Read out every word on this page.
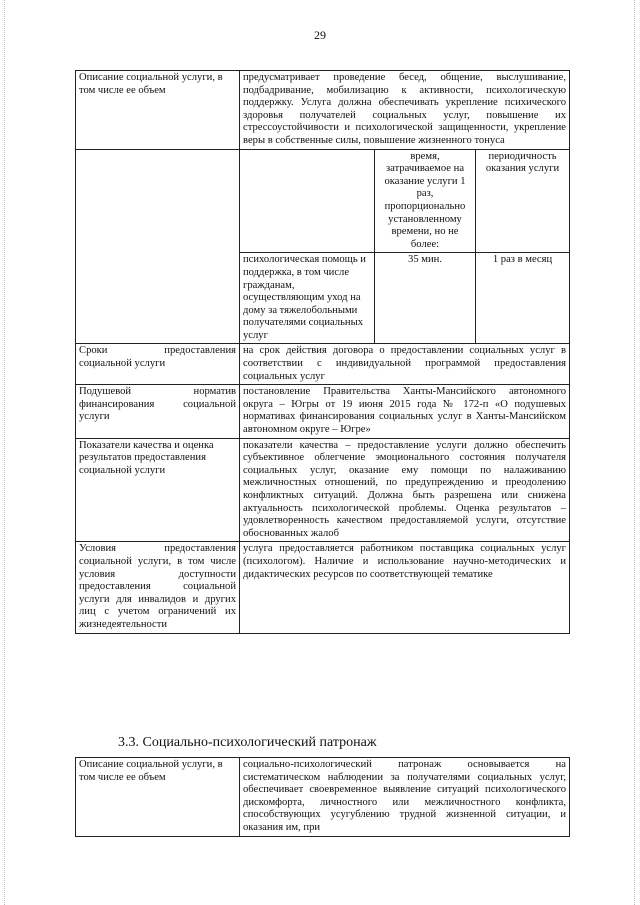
29
Описание социальной услуги, в том числе ее объем	предусматривает проведение бесед, общение, выслушивание, подбадривание, мобилизацию к активности, психологическую поддержку. Услуга должна обеспечивать укрепление психического здоровья получателей социальных услуг, повышение их стрессоустойчивости и психологической защищенности, укрепление веры в собственные силы, повышение жизненного тонуса		
		время, затрачиваемое на оказание услуги 1 раз, пропорционально установленному времени, но не более:	периодичность оказания услуги
	психологическая помощь и поддержка, в том числе гражданам, осуществляющим уход на дому за тяжелобольными получателями социальных услуг	35 мин.	1 раз в месяц
Сроки предоставления социальной услуги	на срок действия договора о предоставлении социальных услуг в соответствии с индивидуальной программой предоставления социальных услуг		
Подушевой норматив финансирования социальной услуги	постановление Правительства Ханты-Мансийского автономного округа – Югры от 19 июня 2015 года № 172-п «О подушевых нормативах финансирования социальных услуг в Ханты-Мансийском автономном округе – Югре»		
Показатели качества и оценка результатов предоставления социальной услуги	показатели качества – предоставление услуги должно обеспечить субъективное облегчение эмоционального состояния получателя социальных услуг, оказание ему помощи по налаживанию межличностных отношений, по предупреждению и преодолению конфликтных ситуаций. Должна быть разрешена или снижена актуальность психологической проблемы. Оценка результатов – удовлетворенность качеством предоставляемой услуги, отсутствие обоснованных жалоб		
Условия предоставления социальной услуги, в том числе условия доступности предоставления социальной услуги для инвалидов и других лиц с учетом ограничений их жизнедеятельности	услуга предоставляется работником поставщика социальных услуг (психологом). Наличие и использование научно-методических и дидактических ресурсов по соответствующей тематике		
3.3. Социально-психологический патронаж
Описание социальной услуги, в том числе ее объем	социально-психологический патронаж основывается на систематическом наблюдении за получателями социальных услуг, обеспечивает своевременное выявление ситуаций психологического дискомфорта, личностного или межличностного конфликта, способствующих усугублению трудной жизненной ситуации, и оказания им, при
